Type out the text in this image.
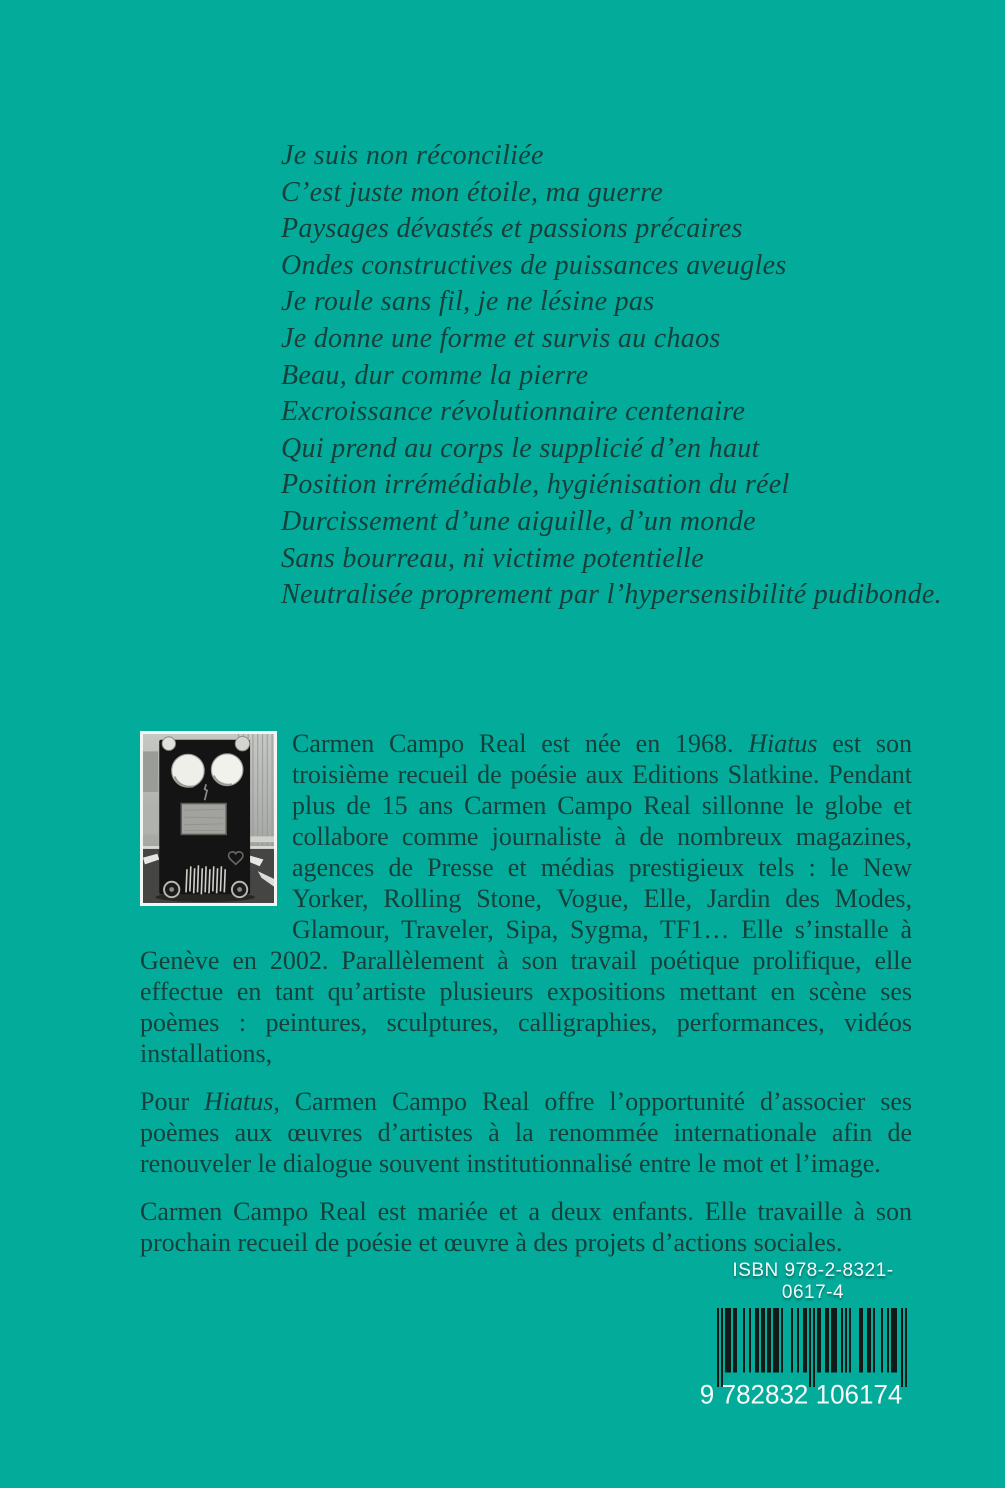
Je suis non réconciliée
C’est juste mon étoile, ma guerre
Paysages dévastés et passions précaires
Ondes constructives de puissances aveugles
Je roule sans fil, je ne lésine pas
Je donne une forme et survis au chaos
Beau, dur comme la pierre
Excroissance révolutionnaire centenaire
Qui prend au corps le supplicié d’en haut
Position irrémédiable, hygiénisation du réel
Durcissement d’une aiguille, d’un monde
Sans bourreau, ni victime potentielle
Neutralisée proprement par l’hypersensibilité pudibonde.

Carmen Campo Real est née en 1968. Hiatus est son troisième recueil de poésie aux Editions Slatkine. Pendant plus de 15 ans Carmen Campo Real sillonne le globe et collabore comme journaliste à de nombreux magazines, agences de Presse et médias prestigieux tels : le New Yorker, Rolling Stone, Vogue, Elle, Jardin des Modes, Glamour, Traveler, Sipa, Sygma, TF1… Elle s’installe à Genève en 2002. Parallèlement à son travail poétique prolifique, elle effectue en tant qu’artiste plusieurs expositions mettant en scène ses poèmes : peintures, sculptures, calligraphies, performances, vidéos installations,

Pour Hiatus, Carmen Campo Real offre l’opportunité d’associer ses poèmes aux œuvres d’artistes à la renommée internationale afin de renouveler le dialogue souvent institutionnalisé entre le mot et l’image.

Carmen Campo Real est mariée et a deux enfants. Elle travaille à son prochain recueil de poésie et œuvre à des projets d’actions sociales.

ISBN 978-2-8321-0617-4
9 782832 106174
